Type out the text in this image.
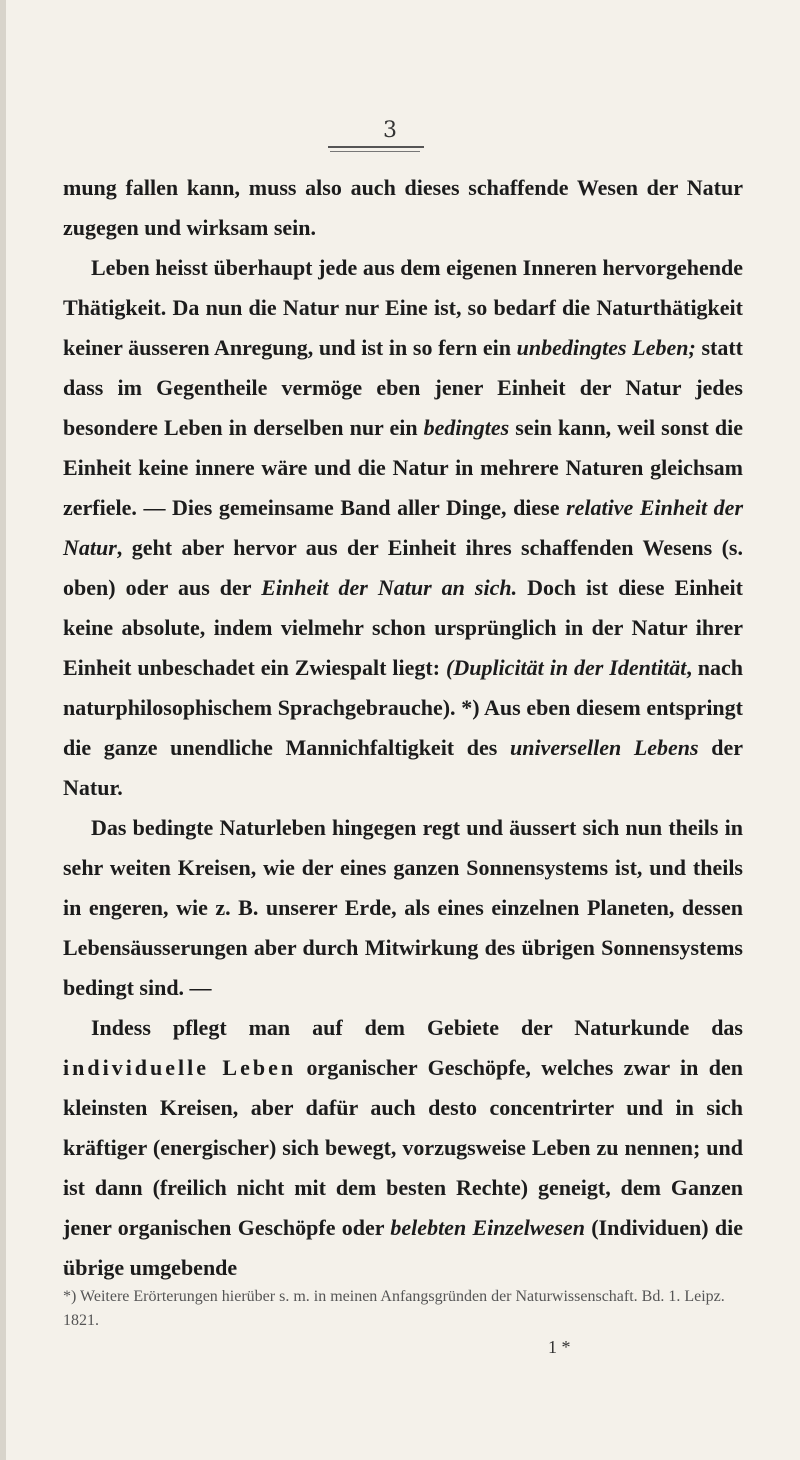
3

mung fallen kann, muss also auch dieses schaffende Wesen der Natur zugegen und wirksam sein.

Leben heisst überhaupt jede aus dem eigenen Inneren hervorgehende Thätigkeit. Da nun die Natur nur Eine ist, so bedarf die Naturthätigkeit keiner äusseren Anregung, und ist in so fern ein unbedingtes Leben; statt dass im Gegentheile vermöge eben jener Einheit der Natur jedes besondere Leben in derselben nur ein bedingtes sein kann, weil sonst die Einheit keine innere wäre und die Natur in mehrere Naturen gleichsam zerfiele. — Dies gemeinsame Band aller Dinge, diese relative Einheit der Natur, geht aber hervor aus der Einheit ihres schaffenden Wesens (s. oben) oder aus der Einheit der Natur an sich. Doch ist diese Einheit keine absolute, indem vielmehr schon ursprünglich in der Natur ihrer Einheit unbeschadet ein Zwiespalt liegt: (Duplicität in der Identität, nach naturphilosophischem Sprachgebrauche). *) Aus eben diesem entspringt die ganze unendliche Mannichfaltigkeit des universellen Lebens der Natur.

Das bedingte Naturleben hingegen regt und äussert sich nun theils in sehr weiten Kreisen, wie der eines ganzen Sonnensystems ist, und theils in engeren, wie z. B. unserer Erde, als eines einzelnen Planeten, dessen Lebensäusserungen aber durch Mitwirkung des übrigen Sonnensystems bedingt sind. —

Indess pflegt man auf dem Gebiete der Naturkunde das individuelle Leben organischer Geschöpfe, welches zwar in den kleinsten Kreisen, aber dafür auch desto concentrirter und in sich kräftiger (energischer) sich bewegt, vorzugsweise Leben zu nennen; und ist dann (freilich nicht mit dem besten Rechte) geneigt, dem Ganzen jener organischen Geschöpfe oder belebten Einzelwesen (Individuen) die übrige umgebende

*) Weitere Erörterungen hierüber s. m. in meinen Anfangsgründen der Naturwissenschaft. Bd. 1. Leipz. 1821.
1 *
